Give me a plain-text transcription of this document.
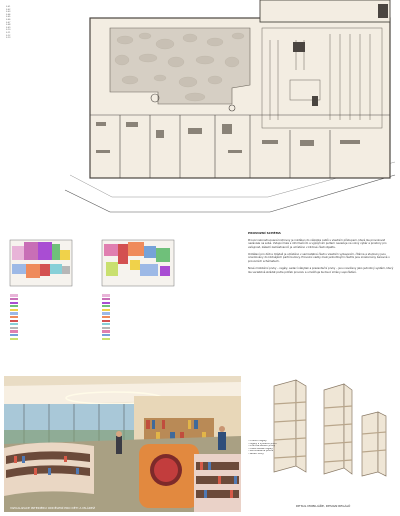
0.01
0.02
0.03
0.04
0.05
0.06
0.07
0.08
0.09
0.10
0.11
0.12
0.13
PROVOZNÍ SCHÉMA

Provoz rekonstruované knihovny je rozdělen do několika celků s vlastním přístupem, které lze provozovat nezávisle na sobě. Vstupní hala s informačním a výpůjčním pultem navazuje na volný výběr a prostory pro veřejnost, zázemí zaměstnanců je umístěno v klidové části objektu.

Oddělení pro děti a mládež je umístěno v samostatné části s vlastním vybavením, čítárna a studovny jsou orientovány do klidnějších partií budovy. Provozní vazby mezi jednotlivými částmi jsou znázorněny barevně v provozních schématech.

Nové mobiliární prvky – regály, sedací nábytek a prezentační prvky – jsou navrženy jako jednotný systém, který lze variabilně skládat podle potřeb provozu a umožňuje budoucí změny uspořádání.

VIZUALIZACE INTERIÉRU ODDĚLENÍ PRO DĚTI A MLÁDEŽ
- mobilní regály
- regály s výstavní policí
- kruhové sedací prvky
- nízké dětské regály
- stohovatelné police
- sedací boxy
DETAIL MOBILIÁŘE, DESIGN REGÁLŮ
